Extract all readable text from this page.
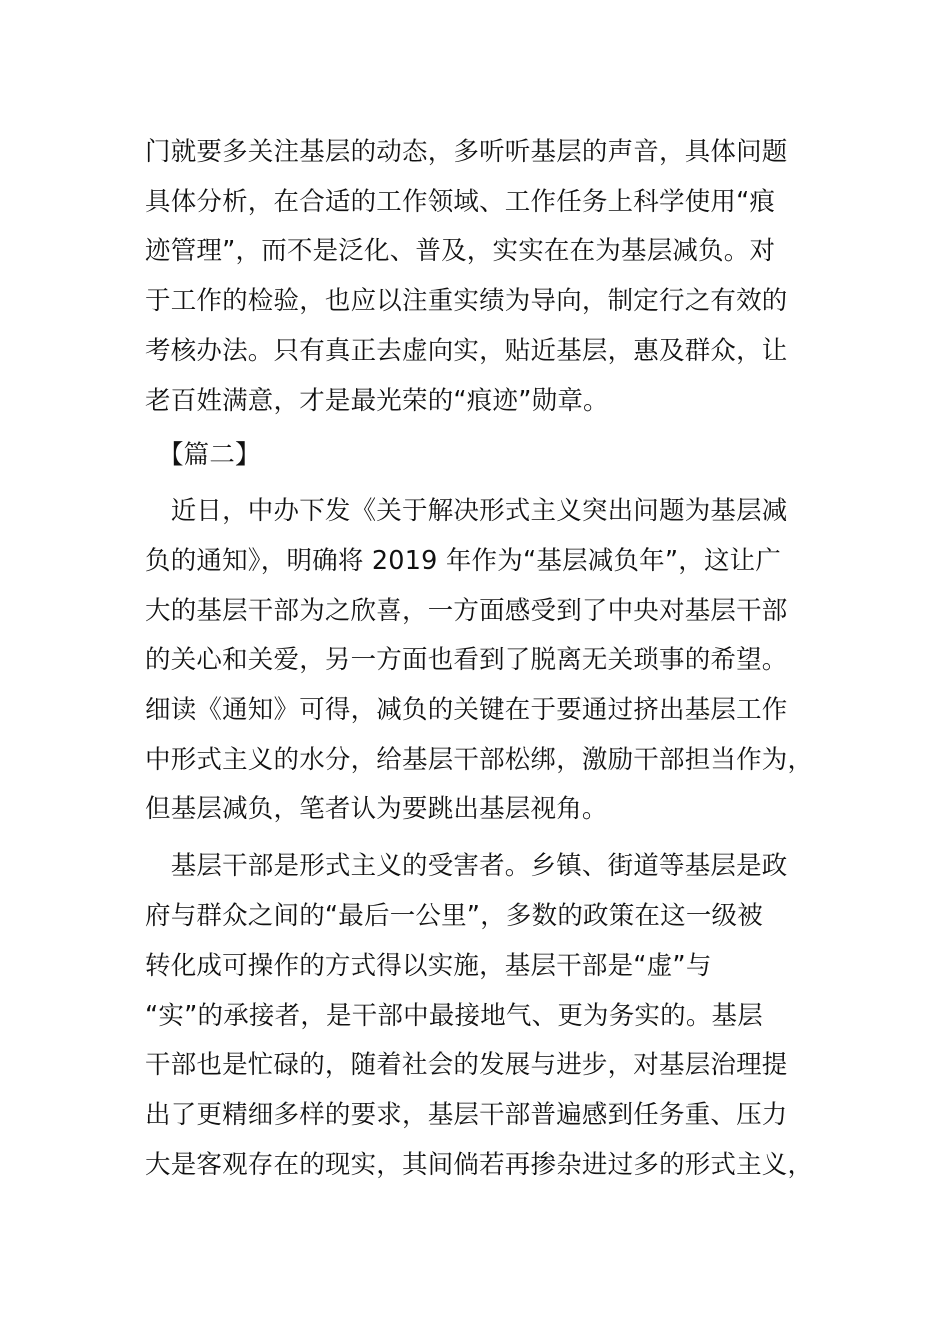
门就要多关注基层的动态，多听听基层的声音，具体问题
具体分析，在合适的工作领域、工作任务上科学使用“痕
迹管理”，而不是泛化、普及，实实在在为基层减负。对
于工作的检验，也应以注重实绩为导向，制定行之有效的
考核办法。只有真正去虚向实，贴近基层，惠及群众，让
老百姓满意，才是最光荣的“痕迹”勋章。
　【篇二】
　近日，中办下发《关于解决形式主义突出问题为基层减
负的通知》，明确将 2019 年作为“基层减负年”，这让广
大的基层干部为之欣喜，一方面感受到了中央对基层干部
的关心和关爱，另一方面也看到了脱离无关琐事的希望。
细读《通知》可得，减负的关键在于要通过挤出基层工作
中形式主义的水分，给基层干部松绑，激励干部担当作为，
但基层减负，笔者认为要跳出基层视角。
　基层干部是形式主义的受害者。乡镇、街道等基层是政
府与群众之间的“最后一公里”，多数的政策在这一级被
转化成可操作的方式得以实施，基层干部是“虚”与
“实”的承接者，是干部中最接地气、更为务实的。基层
干部也是忙碌的，随着社会的发展与进步，对基层治理提
出了更精细多样的要求，基层干部普遍感到任务重、压力
大是客观存在的现实，其间倘若再掺杂进过多的形式主义，
